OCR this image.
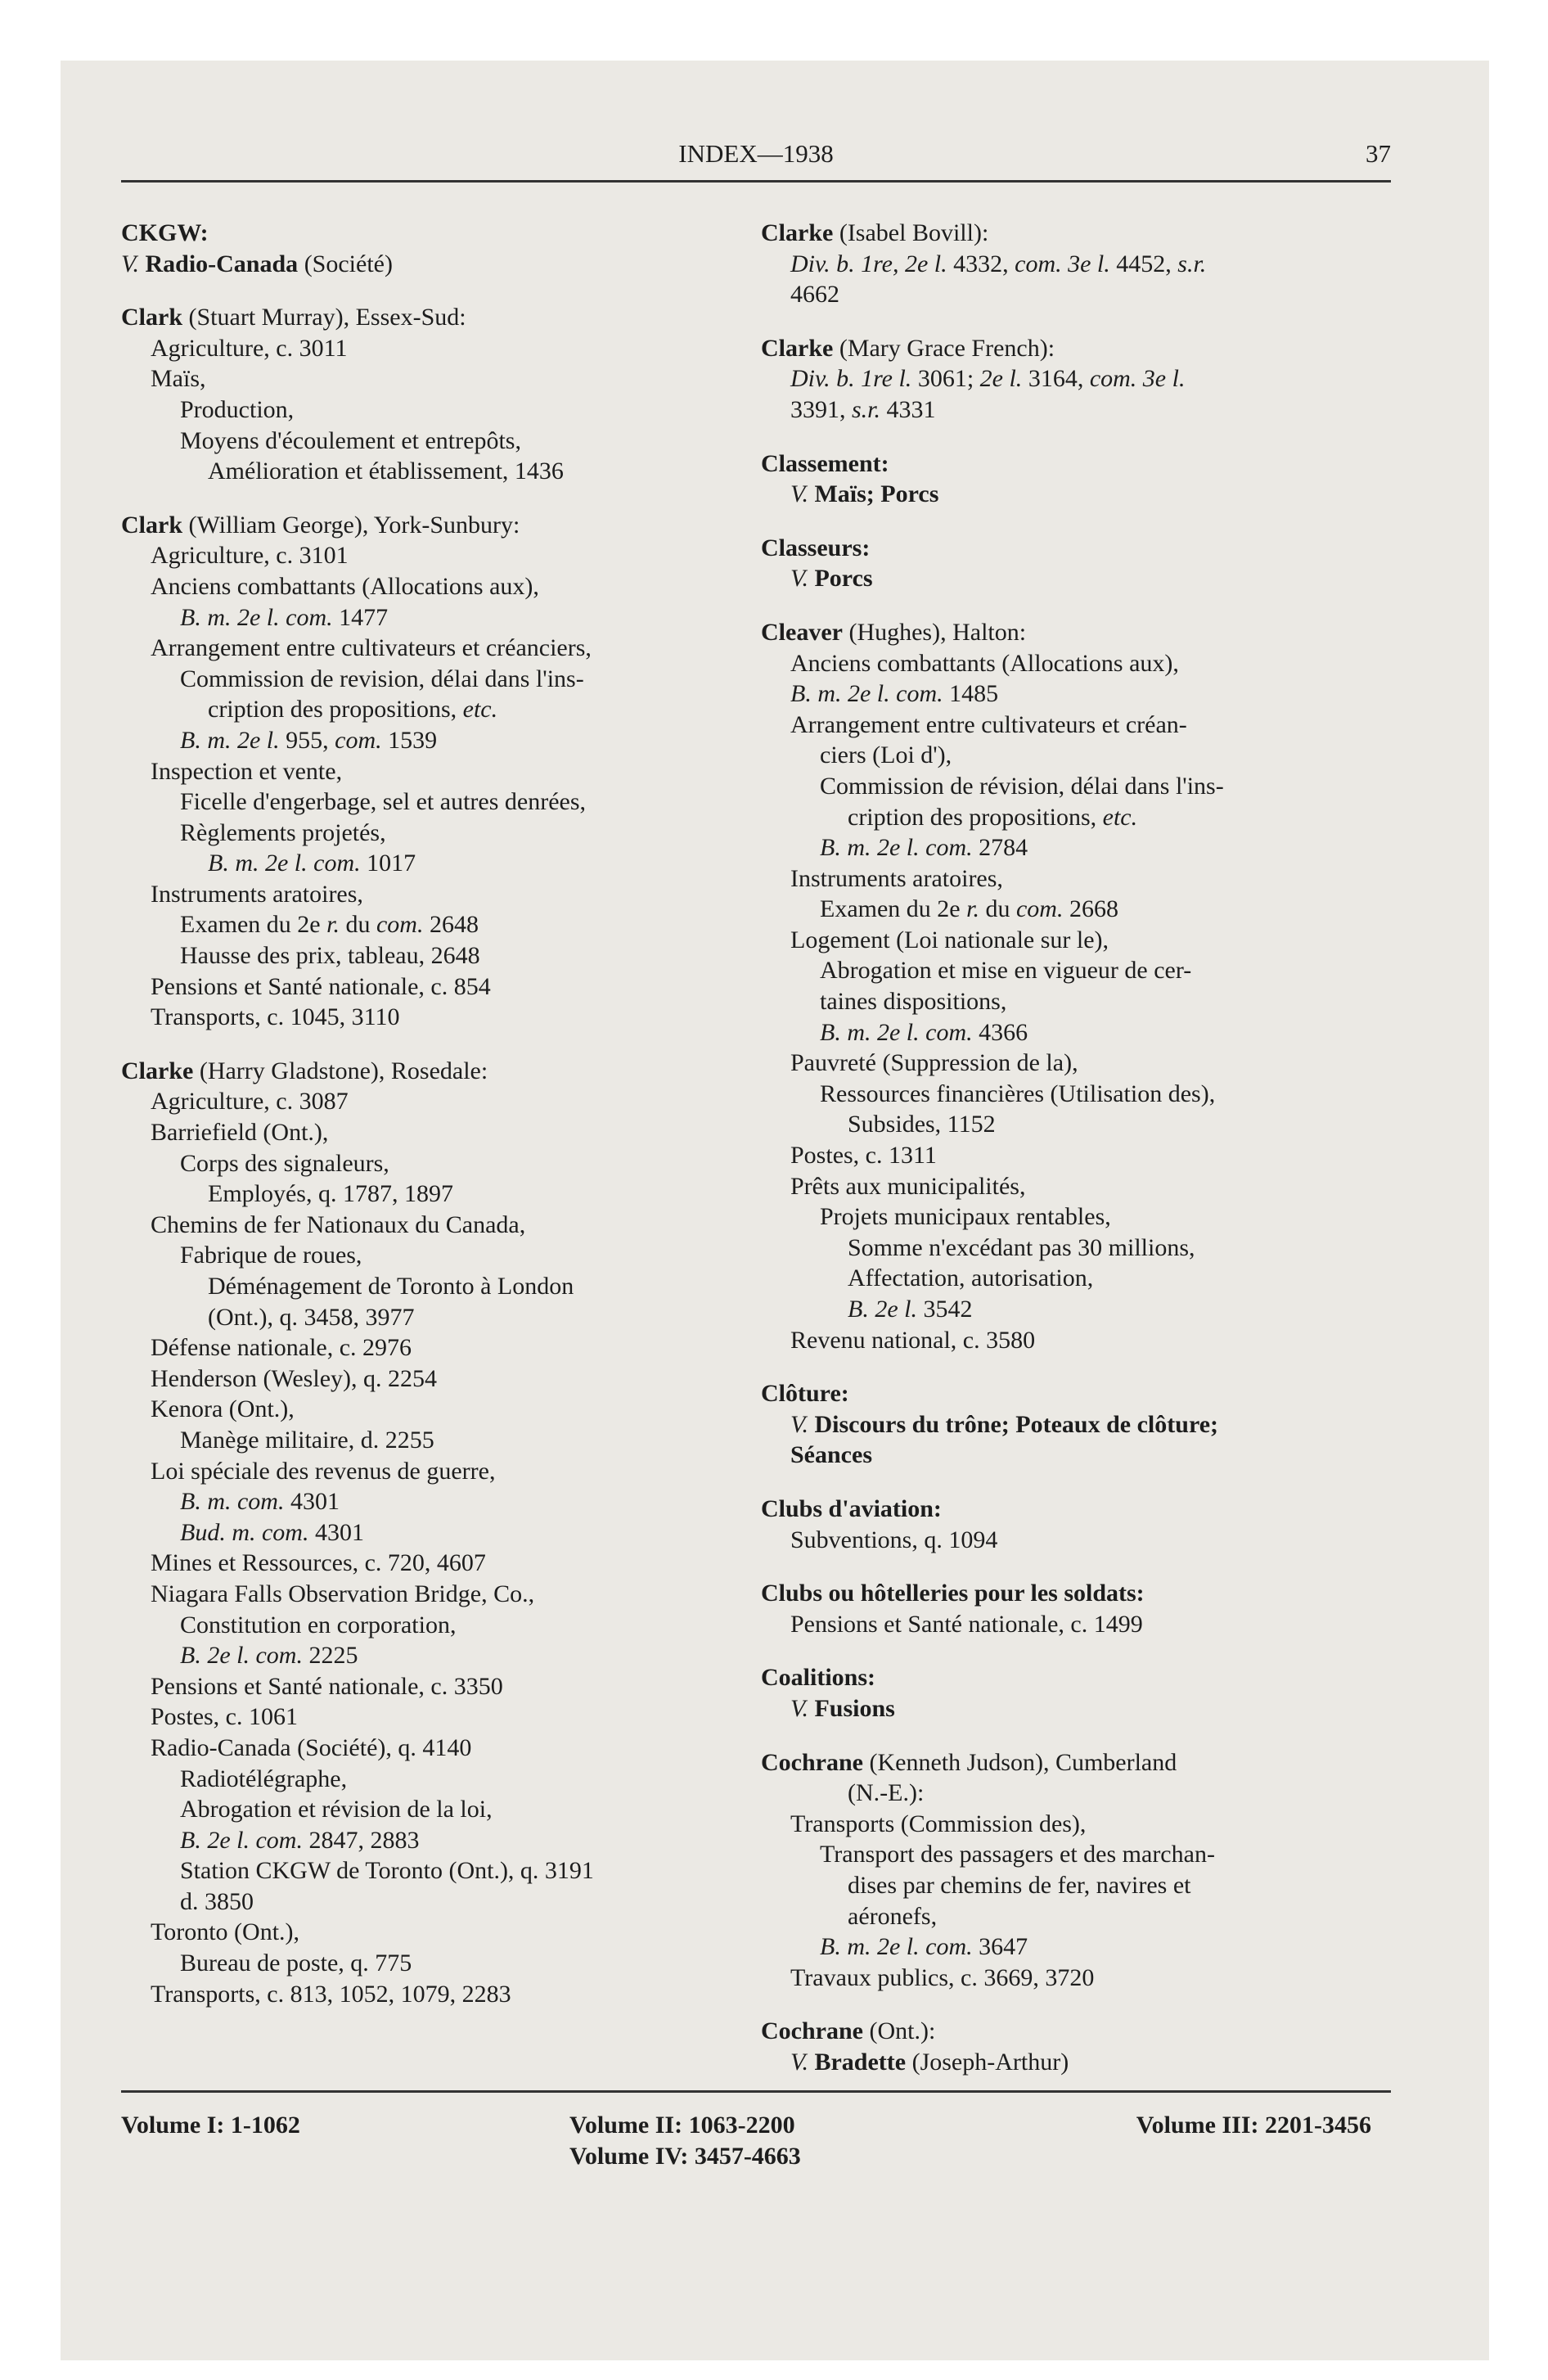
INDEX—1938	37
CKGW:
V. Radio-Canada (Société)
Clark (Stuart Murray), Essex-Sud:
Agriculture, c. 3011
Maïs,
Production,
Moyens d'écoulement et entrepôts,
Amélioration et établissement, 1436
Clark (William George), York-Sunbury:
Agriculture, c. 3101
Anciens combattants (Allocations aux),
B. m. 2e l. com. 1477
Arrangement entre cultivateurs et créanciers,
Commission de revision, délai dans l'ins-
cription des propositions, etc.
B. m. 2e l. 955, com. 1539
Inspection et vente,
Ficelle d'engerbage, sel et autres denrées,
Règlements projetés,
B. m. 2e l. com. 1017
Instruments aratoires,
Examen du 2e r. du com. 2648
Hausse des prix, tableau, 2648
Pensions et Santé nationale, c. 854
Transports, c. 1045, 3110
Clarke (Harry Gladstone), Rosedale:
Agriculture, c. 3087
Barriefield (Ont.),
Corps des signaleurs,
Employés, q. 1787, 1897
Chemins de fer Nationaux du Canada,
Fabrique de roues,
Déménagement de Toronto à London
(Ont.), q. 3458, 3977
Défense nationale, c. 2976
Henderson (Wesley), q. 2254
Kenora (Ont.),
Manège militaire, d. 2255
Loi spéciale des revenus de guerre,
B. m. com. 4301
Bud. m. com. 4301
Mines et Ressources, c. 720, 4607
Niagara Falls Observation Bridge, Co.,
Constitution en corporation,
B. 2e l. com. 2225
Pensions et Santé nationale, c. 3350
Postes, c. 1061
Radio-Canada (Société), q. 4140
Radiotélégraphe,
Abrogation et révision de la loi,
B. 2e l. com. 2847, 2883
Station CKGW de Toronto (Ont.), q. 3191
d. 3850
Toronto (Ont.),
Bureau de poste, q. 775
Transports, c. 813, 1052, 1079, 2283
Clarke (Isabel Bovill):
Div. b. 1re, 2e l. 4332, com. 3e l. 4452, s.r.
4662
Clarke (Mary Grace French):
Div. b. 1re l. 3061; 2e l. 3164, com. 3e l.
3391, s.r. 4331
Classement:
V. Maïs; Porcs
Classeurs:
V. Porcs
Cleaver (Hughes), Halton:
Anciens combattants (Allocations aux),
B. m. 2e l. com. 1485
Arrangement entre cultivateurs et créan-
ciers (Loi d'),
Commission de révision, délai dans l'ins-
cription des propositions, etc.
B. m. 2e l. com. 2784
Instruments aratoires,
Examen du 2e r. du com. 2668
Logement (Loi nationale sur le),
Abrogation et mise en vigueur de cer-
taines dispositions,
B. m. 2e l. com. 4366
Pauvreté (Suppression de la),
Ressources financières (Utilisation des),
Subsides, 1152
Postes, c. 1311
Prêts aux municipalités,
Projets municipaux rentables,
Somme n'excédant pas 30 millions,
Affectation, autorisation,
B. 2e l. 3542
Revenu national, c. 3580
Clôture:
V. Discours du trône; Poteaux de clôture;
Séances
Clubs d'aviation:
Subventions, q. 1094
Clubs ou hôtelleries pour les soldats:
Pensions et Santé nationale, c. 1499
Coalitions:
V. Fusions
Cochrane (Kenneth Judson), Cumberland
(N.-E.):
Transports (Commission des),
Transport des passagers et des marchan-
dises par chemins de fer, navires et
aéronefs,
B. m. 2e l. com. 3647
Travaux publics, c. 3669, 3720
Cochrane (Ont.):
V. Bradette (Joseph-Arthur)
Volume I: 1-1062	Volume II: 1063-2200	Volume III: 2201-3456
Volume IV: 3457-4663
